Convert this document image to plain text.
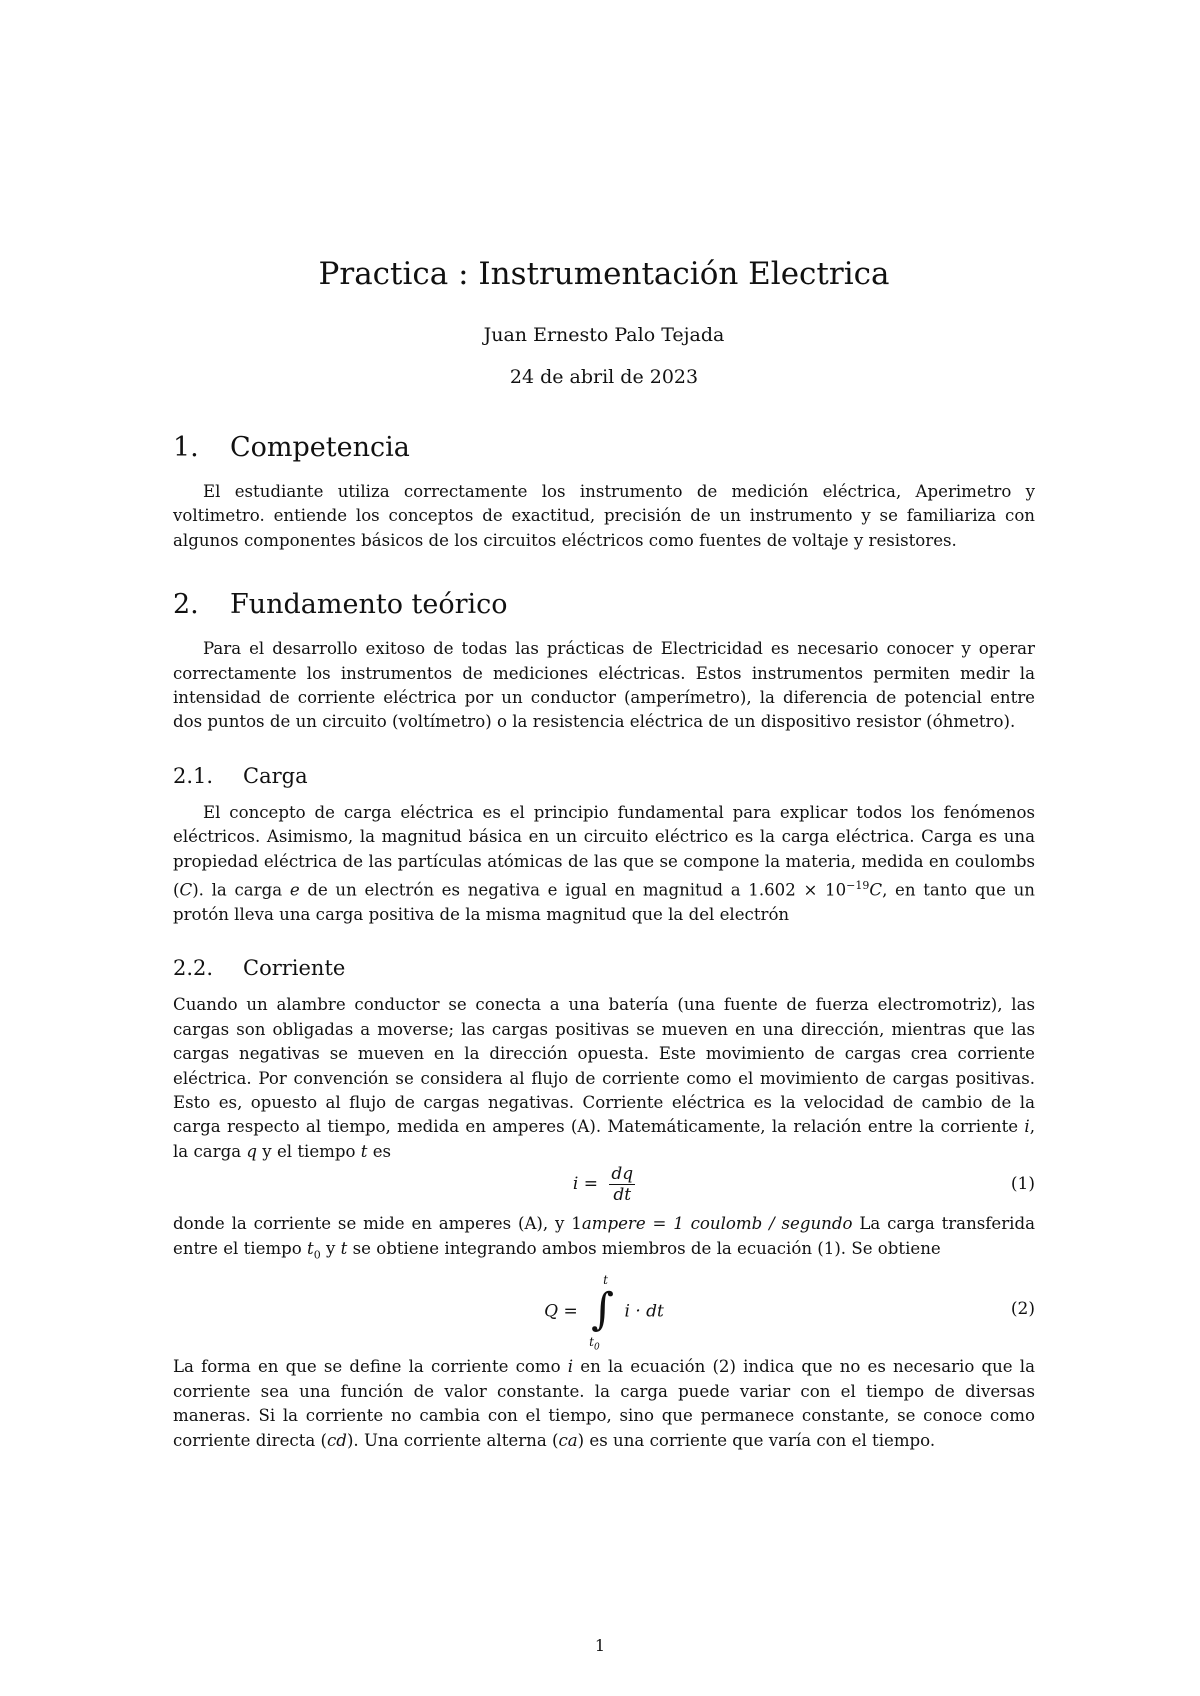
Practica : Instrumentación Electrica
Juan Ernesto Palo Tejada
24 de abril de 2023
1.	Competencia

El estudiante utiliza correctamente los instrumento de medición eléctrica, Aperimetro y voltimetro. entiende los conceptos de exactitud, precisión de un instrumento y se familiariza con algunos componentes básicos de los circuitos eléctricos como fuentes de voltaje y resistores.

2.	Fundamento teórico

Para el desarrollo exitoso de todas las prácticas de Electricidad es necesario conocer y operar correctamente los instrumentos de mediciones eléctricas. Estos instrumentos permiten medir la intensidad de corriente eléctrica por un conductor (amperímetro), la diferencia de potencial entre dos puntos de un circuito (voltímetro) o la resistencia eléctrica de un dispositivo resistor (óhmetro).

2.1.	Carga

El concepto de carga eléctrica es el principio fundamental para explicar todos los fenómenos eléctricos. Asimismo, la magnitud básica en un circuito eléctrico es la carga eléctrica. Carga es una propiedad eléctrica de las partículas atómicas de las que se compone la materia, medida en coulombs (C). la carga e de un electrón es negativa e igual en magnitud a $1.602 \times 10^{-19}C$, en tanto que un protón lleva una carga positiva de la misma magnitud que la del electrón

2.2.	Corriente

Cuando un alambre conductor se conecta a una batería (una fuente de fuerza electromotriz), las cargas son obligadas a moverse; las cargas positivas se mueven en una dirección, mientras que las cargas negativas se mueven en la dirección opuesta. Este movimiento de cargas crea corriente eléctrica. Por convención se considera al flujo de corriente como el movimiento de cargas positivas. Esto es, opuesto al flujo de cargas negativas. Corriente eléctrica es la velocidad de cambio de la carga respecto al tiempo, medida en amperes (A). Matemáticamente, la relación entre la corriente i, la carga q y el tiempo t es

$i = \frac{dq}{dt}$	(1)

donde la corriente se mide en amperes (A), y 1ampere = 1 coulomb / segundo La carga transferida entre el tiempo $t_0$ y t se obtiene integrando ambos miembros de la ecuación (1). Se obtiene

Q = ∫
t
$t_0$
i · dt	(2)

La forma en que se define la corriente como i en la ecuación (2) indica que no es necesario que la corriente sea una función de valor constante. la carga puede variar con el tiempo de diversas maneras. Si la corriente no cambia con el tiempo, sino que permanece constante, se conoce como corriente directa (cd). Una corriente alterna (ca) es una corriente que varía con el tiempo.

1
